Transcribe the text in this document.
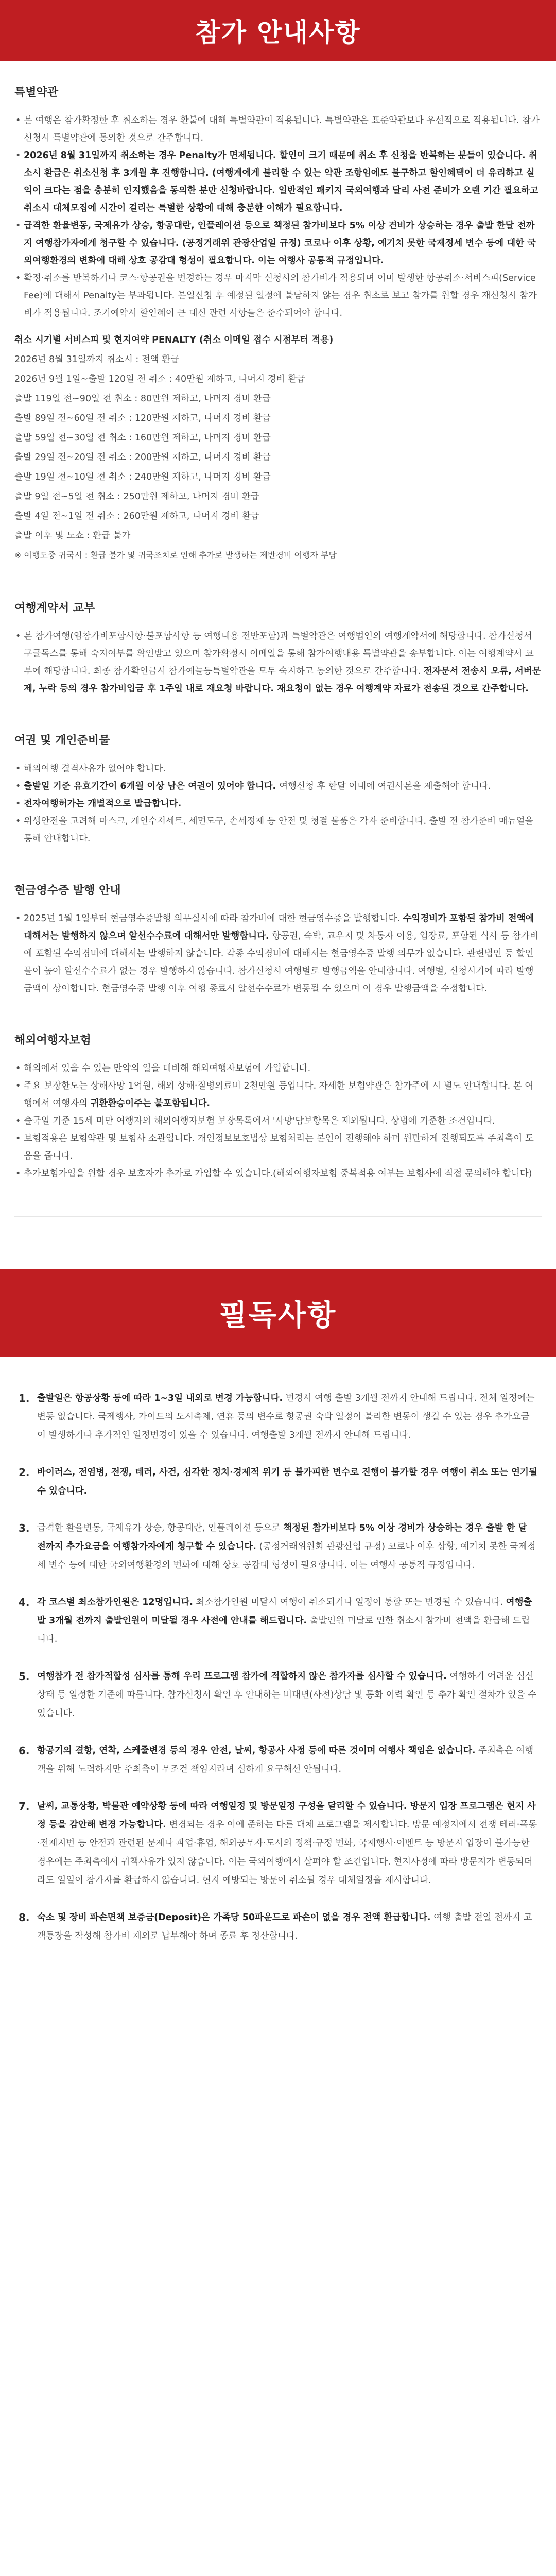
참가 안내사항
특별약관
• 본 여행은 참가확정한 후 취소하는 경우 환불에 대해 특별약관이 적용됩니다. 특별약관은 표준약관보다 우선적으로 적용됩니다. 참가신청시 특별약관에 동의한 것으로 간주합니다.
• 2026년 8월 31일까지 취소하는 경우 Penalty가 면제됩니다. 할인이 크기 때문에 취소 후 신청을 반복하는 분들이 있습니다. 취소시 환급은 취소신청 후 3개월 후 진행합니다. (여행계에게 불리할 수 있는 약관 조항임에도 불구하고 할인혜택이 더 유리하고 실익이 크다는 점을 충분히 인지했음을 동의한 분만 신청바랍니다. 일반적인 패키지 국외여행과 달리 사전 준비가 오랜 기간 필요하고 취소시 대체모집에 시간이 걸리는 특별한 상황에 대해 충분한 이해가 필요합니다.
• 급격한 환율변동, 국제유가 상승, 항공대란, 인플레이션 등으로 책정된 참가비보다 5% 이상 견비가 상승하는 경우 출발 한달 전까지 여행참가자에게 청구할 수 있습니다. (공정거래위 관광산업일 규정) 코로나 이후 상황, 예기치 못한 국제정세 변수 등에 대한 국외여행환경의 변화에 대해 상호 공감대 형성이 필요합니다. 이는 여행사 공통적 규정입니다.
• 확정·취소를 반복하거나 코스·항공권을 변경하는 경우 마지막 신청시의 참가비가 적용되며 이미 발생한 항공취소·서비스피(Service Fee)에 대해서 Penalty는 부과됩니다. 본일신청 후 예정된 일정에 불남하지 않는 경우 취소로 보고 참가를 원할 경우 재신청시 참가비가 적용됩니다. 조기예약시 할인혜이 큰 대신 관련 사항들은 준수되어야 합니다.
취소 시기별 서비스피 및 현지여약 PENALTY (취소 이메일 접수 시점부터 적용)
2026년 8월 31일까지 취소시 : 전액 환급
2026년 9월 1일~출발 120일 전 취소 : 40만원 제하고, 나머지 경비 환급
출발 119일 전~90일 전 취소 : 80만원 제하고, 나머지 경비 환급
출발 89일 전~60일 전 취소 : 120만원 제하고, 나머지 경비 환급
출발 59일 전~30일 전 취소 : 160만원 제하고, 나머지 경비 환급
출발 29일 전~20일 전 취소 : 200만원 제하고, 나머지 경비 환급
출발 19일 전~10일 전 취소 : 240만원 제하고, 나머지 경비 환급
출발 9일 전~5일 전 취소 : 250만원 제하고, 나머지 경비 환급
출발 4일 전~1일 전 취소 : 260만원 제하고, 나머지 경비 환급
출발 이후 및 노쇼 : 환급 불가
※ 여행도중 귀국시 : 환급 불가 및 귀국조치로 인해 추가로 발생하는 제반경비 여행자 부담
여행계약서 교부
• 본 참가여행(임참가비포함사항·불포함사항 등 여행내용 전반포함)과 특별약관은 여행법인의 여행계약서에 해당합니다. 참가신청서 구글독스를 통해 숙지여부를 확인받고 있으며 참가확정시 이메일을 통해 참가여행내용 특별약관을 송부합니다. 이는 여행계약서 교부에 해당합니다. 최종 참가확인금시 참가예늘등특별약관을 모두 숙지하고 동의한 것으로 간주합니다. 전자문서 전송시 오류, 서버문제, 누락 등의 경우 참가비입금 후 1주일 내로 재요청 바랍니다. 재요청이 없는 경우 여행계약 자료가 전송된 것으로 간주합니다.
여권 및 개인준비물
• 해외여행 결격사유가 없어야 합니다.
• 출발일 기준 유효기간이 6개월 이상 남은 여권이 있어야 합니다. 여행신청 후 한달 이내에 여권사본을 제출해야 합니다.
• 전자여행허가는 개별적으로 발급합니다.
• 위생안전을 고려해 마스크, 개인수저세트, 세면도구, 손세정제 등 안전 및 청결 물품은 각자 준비합니다. 출발 전 참가준비 매뉴얼을 통해 안내합니다.
현금영수증 발행 안내
• 2025년 1월 1일부터 현금영수증발행 의무실시에 따라 참가비에 대한 현금영수증을 발행합니다. 수익경비가 포함된 참가비 전액에 대해서는 발행하지 않으며 알선수수료에 대해서만 발행합니다. 항공권, 숙박, 교우지 및 차동자 이용, 입장료, 포함된 식사 등 참가비에 포함된 수익경비에 대해서는 발행하지 않습니다. 각종 수익경비에 대해서는 현금영수증 발행 의무가 없습니다. 관련법인 등 할인물이 높아 알선수수료가 없는 경우 발행하지 않습니다. 참가신청시 여행별로 발행금액을 안내합니다. 여행별, 신청시기에 따라 발행금액이 상이합니다. 현금영수증 발행 이후 여행 종료시 알선수수료가 변동될 수 있으며 이 경우 발행금액을 수정합니다.
해외여행자보험
• 해외에서 있을 수 있는 만약의 일을 대비해 해외여행자보험에 가입합니다.
• 주요 보장한도는 상해사망 1억원, 해외 상해·질병의료비 2천만원 등입니다. 자세한 보험약관은 참가주에 시 별도 안내합니다. 본 여행에서 여행자의 귀환환승이주는 불포함됩니다.
• 출국일 기준 15세 미만 여행자의 해외여행자보험 보장목록에서 '사망'담보항목은 제외됩니다. 상법에 기준한 조건입니다.
• 보험적용은 보험약관 및 보험사 소관입니다. 개인정보보호법상 보험처리는 본인이 진행해야 하며 원만하게 진행되도록 주최측이 도움을 줍니다.
• 추가보험가입을 원할 경우 보호자가 추가로 가입할 수 있습니다.(해외여행자보험 중복적용 여부는 보험사에 직접 문의해야 합니다)
필독사항
1. 출발일은 항공상황 등에 따라 1~3일 내외로 변경 가능합니다. 변경시 여행 출발 3개월 전까지 안내해 드립니다. 전체 일정에는 변동 없습니다. 국제행사, 가이드의 도시축제, 연휴 등의 변수로 항공권 숙박 일정이 불리한 변동이 생길 수 있는 경우 추가요금이 발생하거나 추가적인 일정변경이 있을 수 있습니다. 여행출발 3개월 전까지 안내해 드립니다.
2. 바이러스, 전염병, 전쟁, 테러, 사건, 심각한 정치·경제적 위기 등 불가피한 변수로 진행이 불가할 경우 여행이 취소 또는 연기될 수 있습니다.
3. 급격한 환율변동, 국제유가 상승, 항공대란, 인플레이션 등으로 책정된 참가비보다 5% 이상 경비가 상승하는 경우 출발 한 달 전까지 추가요금을 여행참가자에게 청구할 수 있습니다. (공정거래위원회 관광산업 규정) 코로나 이후 상황, 예기치 못한 국제정세 변수 등에 대한 국외여행환경의 변화에 대해 상호 공감대 형성이 필요합니다. 이는 여행사 공통적 규정입니다.
4. 각 코스별 최소참가인원은 12명입니다. 최소참가인원 미달시 여행이 취소되거나 일정이 통합 또는 변경될 수 있습니다. 여행출발 3개월 전까지 출발인원이 미달될 경우 사전에 안내를 해드립니다. 출발인원 미달로 인한 취소시 참가비 전액을 환급해 드립니다.
5. 여행참가 전 참가적합성 심사를 통해 우리 프로그램 참가에 적합하지 않은 참가자를 심사할 수 있습니다. 여행하기 어려운 심신상태 등 일정한 기준에 따릅니다. 참가신청서 확인 후 안내하는 비대면(사전)상담 및 통화 이력 확인 등 추가 확인 절차가 있을 수 있습니다.
6. 항공기의 결항, 연착, 스케줄변경 등의 경우 안전, 날씨, 항공사 사정 등에 따른 것이며 여행사 책임은 없습니다. 주최측은 여행객을 위해 노력하지만 주최측이 무조건 책임지라며 심하게 요구해선 안됩니다.
7. 날씨, 교통상황, 박물관 예약상황 등에 따라 여행일정 및 방문일정 구성을 달리할 수 있습니다. 방문지 입장 프로그램은 현지 사정 등을 감안해 변경 가능합니다. 변경되는 경우 이에 준하는 다른 대체 프로그램을 제시합니다. 방문 예정지에서 전쟁 테러·폭동·전재지변 등 안전과 관련된 문제나 파업·휴업, 해외공무자·도시의 정책·규정 변화, 국제행사·이벤트 등 방문지 입장이 불가능한 경우에는 주최측에서 귀책사유가 있지 않습니다. 이는 국외여행에서 살펴야 할 조건입니다. 현지사정에 따라 방문지가 변동되더라도 일일이 참가자를 환급하지 않습니다. 현지 예방되는 방문이 취소될 경우 대체일정을 제시합니다.
8. 숙소 및 장비 파손면책 보증금(Deposit)은 가족당 50파운드로 파손이 없을 경우 전액 환급합니다. 여행 출발 전일 전까지 고객통장을 작성해 참가비 제외로 납부해야 하며 종료 후 정산합니다.
